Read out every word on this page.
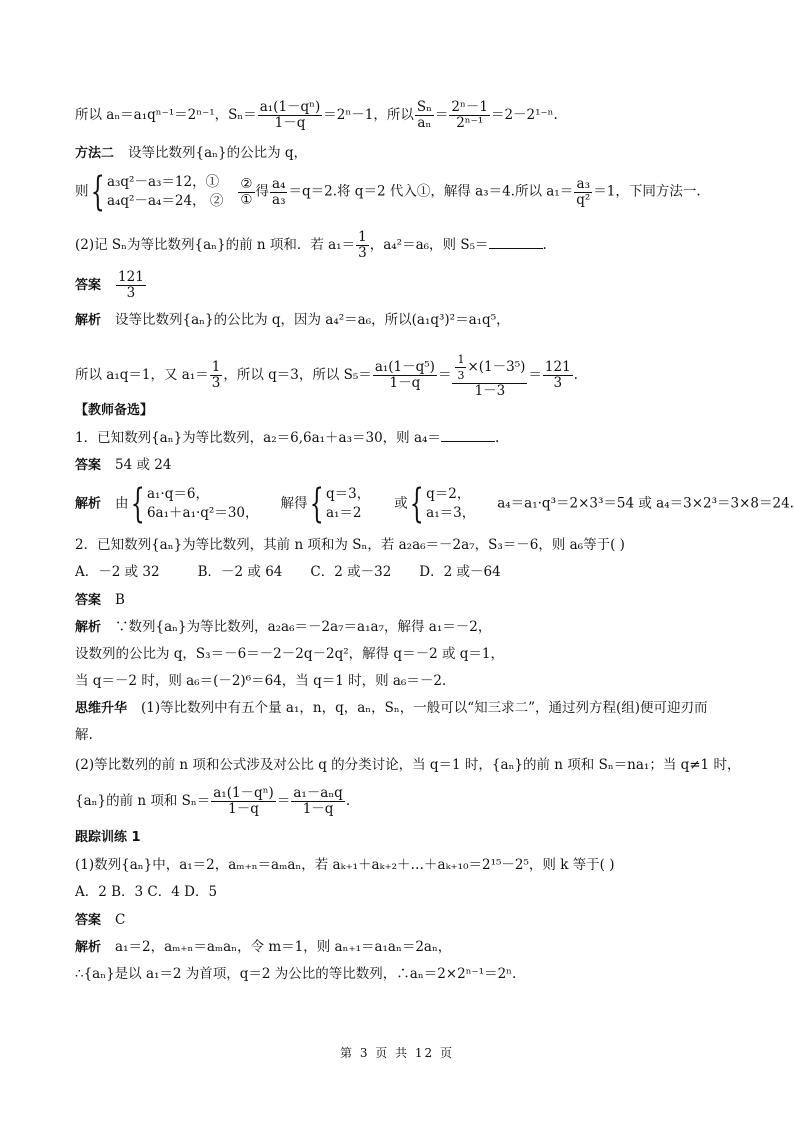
所以 aₙ＝a₁qⁿ⁻¹＝2ⁿ⁻¹，$S_n= \frac{\text{a₁(1－qⁿ)}}{1-q} =2^n-1$，所以 $\frac{\text{Sₙ}}{\text{aₙ}} = \frac{\text{2ⁿ－1}}{\text{2ⁿ⁻¹}} =2-2^{1-n}$.
方法二 设等比数列{aₙ}的公比为 q，
则 { a₃q²－a₃＝12，①
a₄q²－a₄＝24， ② $\frac{\text{②}}{\text{①}}$ 得 $\frac{\text{a₄}}{\text{a₃}} =q=2$.将 q＝2 代入①，解得 a₃＝4.所以 $a_1= \frac{\text{a₃}}{\text{q²}} =1$，下同方法一.
(2)记 Sₙ为等比数列{aₙ}的前 n 项和．若 $a_1= \frac{1}{3}$ ，a₄²＝a₆，则 S₅＝	.
答案 $\frac{121}{3}$
解析 设等比数列{aₙ}的公比为 q，因为 a₄²＝a₆，所以(a₁q³)²＝a₁q⁵，
所以 a₁q＝1，又 $a_1= \frac{1}{3}$ ，所以 q＝3，所以 $S_5= \frac{\text{a₁(1－q⁵)}}{1-q} = \frac{\frac{1}{3} \times(1-3^5)}{1-3} = \frac{121}{3}$ .
【教师备选】
1．已知数列{aₙ}为等比数列，a₂＝6,6a₁＋a₃＝30，则 a₄＝	.
答案 54 或 24
解析 由 { a₁·q＝6，
6a₁＋a₁·q²＝30，
解得 { q＝3，
a₁＝2
或 { q＝2，
a₁＝3，
a₄＝a₁·q³＝2×3³＝54 或 a₄＝3×2³＝3×8＝24.
2．已知数列{aₙ}为等比数列，其前 n 项和为 Sₙ，若 a₂a₆＝－2a₇，S₃＝－6，则 a₆等于( )
A．－2 或 32	B．－2 或 64 C．2 或－32 D．2 或－64
答案 B
解析 ∵数列{aₙ}为等比数列，a₂a₆＝－2a₇＝a₁a₇，解得 a₁＝－2，
设数列的公比为 q，S₃＝－6＝－2－2q－2q²，解得 q＝－2 或 q＝1，
当 q＝－2 时，则 a₆＝(－2)⁶＝64，当 q＝1 时，则 a₆＝－2.
思维升华 (1)等比数列中有五个量 a₁，n，q，aₙ，Sₙ，一般可以“知三求二”，通过列方程(组)便可迎刃而
解.
(2)等比数列的前 n 项和公式涉及对公比 q 的分类讨论，当 q＝1 时，{aₙ}的前 n 项和 Sₙ＝na₁；当 q≠1 时，
{aₙ}的前 n 项和 $S_n= \frac{\text{a₁(1－qⁿ)}}{1-q} = \frac{\text{a₁－aₙq}}{1-q}$ .
跟踪训练 1
(1)数列{aₙ}中，a₁＝2，aₘ₊ₙ＝aₘaₙ，若 aₖ₊₁＋aₖ₊₂＋…＋aₖ₊₁₀＝2¹⁵－2⁵，则 k 等于( )
A．2 B．3 C．4 D．5
答案 C
解析 a₁＝2，aₘ₊ₙ＝aₘaₙ，令 m＝1，则 aₙ₊₁＝a₁aₙ＝2aₙ，
∴{aₙ}是以 a₁＝2 为首项，q＝2 为公比的等比数列，∴aₙ＝2×2ⁿ⁻¹＝2ⁿ.
第 3 页 共 12 页
